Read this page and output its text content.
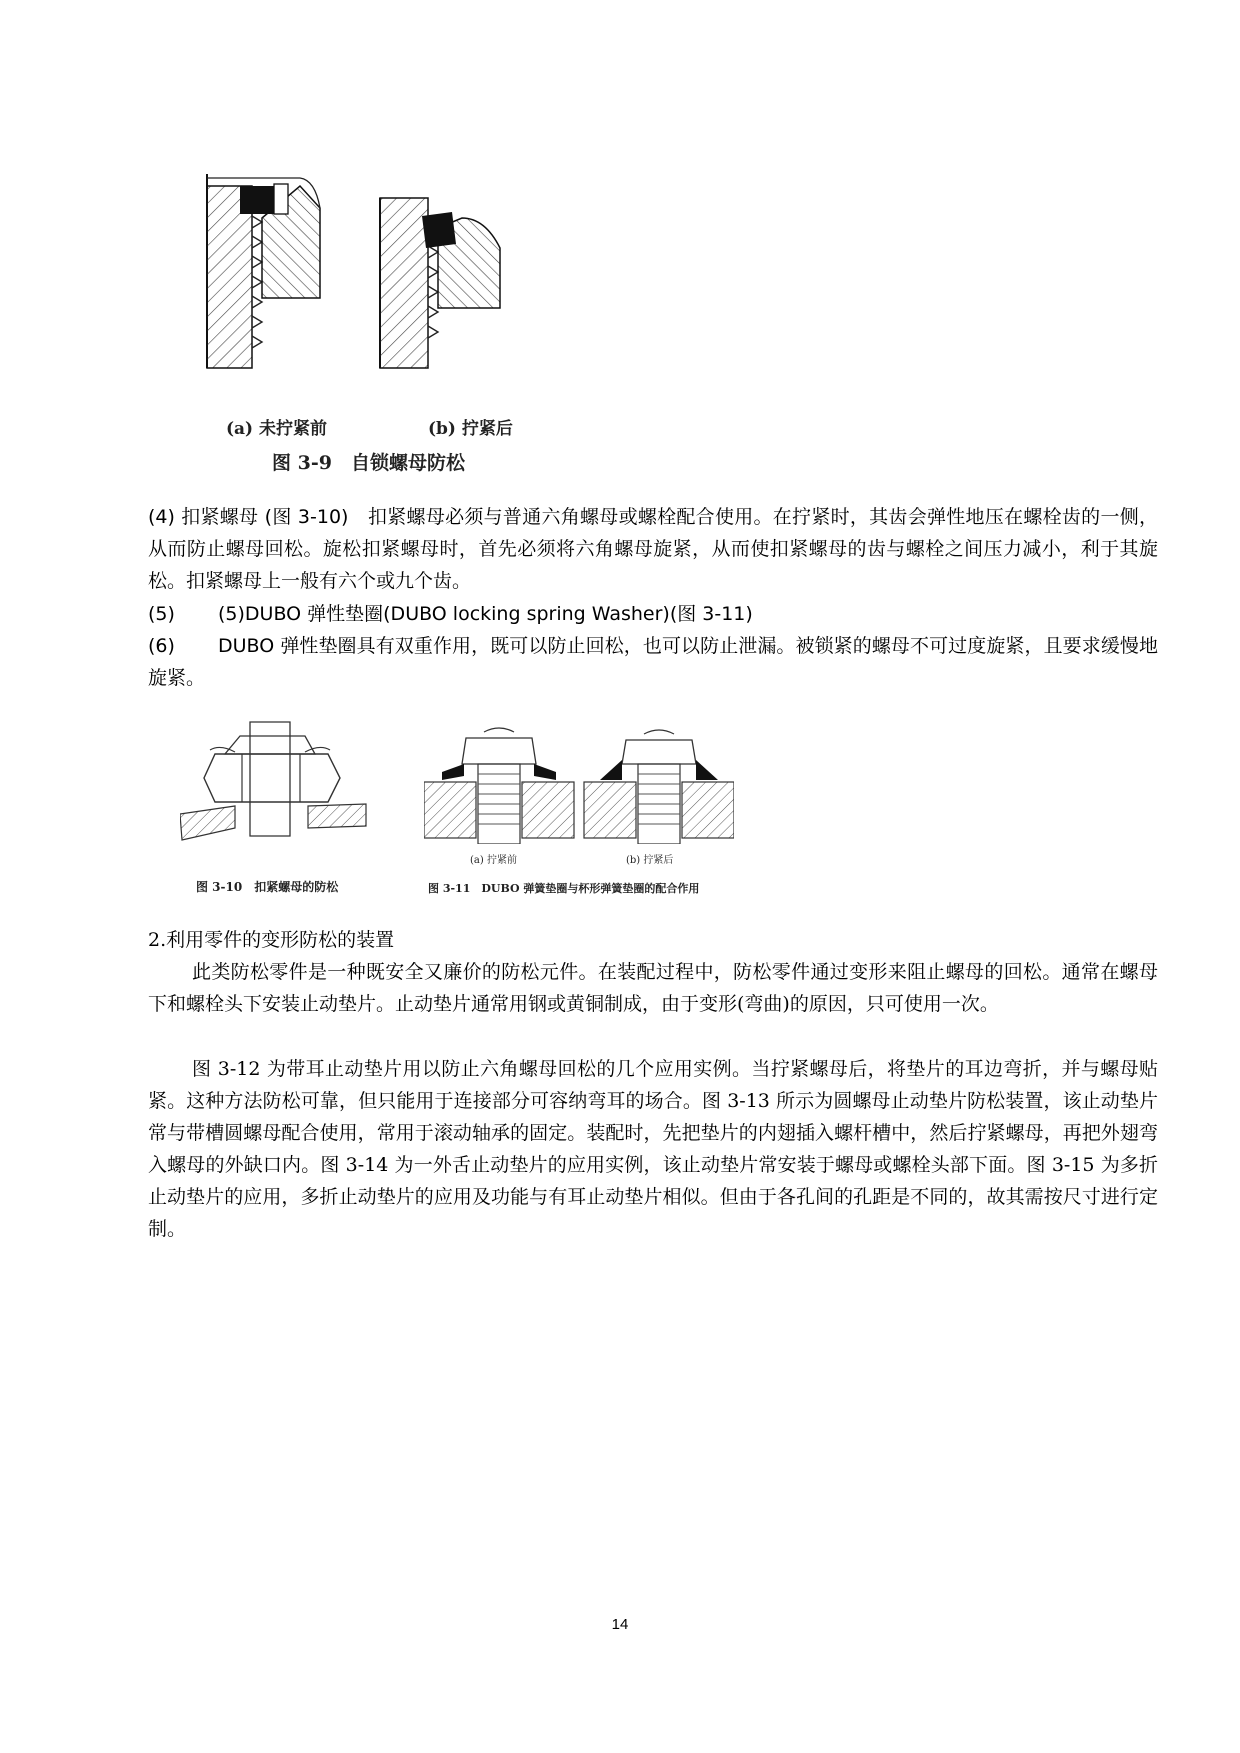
(a) 未拧紧前	(b) 拧紧后
图 3-9　自锁螺母防松
(4) 扣紧螺母 (图 3-10)　扣紧螺母必须与普通六角螺母或螺栓配合使用。在拧紧时，其齿会弹性地压在螺栓齿的一侧，从而防止螺母回松。旋松扣紧螺母时，首先必须将六角螺母旋紧，从而使扣紧螺母的齿与螺栓之间压力减小，利于其旋松。扣紧螺母上一般有六个或九个齿。
(5) (5)DUBO 弹性垫圈(DUBO locking spring Washer)(图 3-11)
(6) DUBO 弹性垫圈具有双重作用，既可以防止回松，也可以防止泄漏。被锁紧的螺母不可过度旋紧，且要求缓慢地旋紧。
图 3-10　扣紧螺母的防松
(a) 拧紧前	(b) 拧紧后
图 3-11　DUBO 弹簧垫圈与杯形弹簧垫圈的配合作用
2.利用零件的变形防松的装置
此类防松零件是一种既安全又廉价的防松元件。在装配过程中，防松零件通过变形来阻止螺母的回松。通常在螺母下和螺栓头下安装止动垫片。止动垫片通常用钢或黄铜制成，由于变形(弯曲)的原因，只可使用一次。
图 3-12 为带耳止动垫片用以防止六角螺母回松的几个应用实例。当拧紧螺母后，将垫片的耳边弯折，并与螺母贴紧。这种方法防松可靠，但只能用于连接部分可容纳弯耳的场合。图 3-13 所示为圆螺母止动垫片防松装置，该止动垫片常与带槽圆螺母配合使用，常用于滚动轴承的固定。装配时，先把垫片的内翅插入螺杆槽中，然后拧紧螺母，再把外翅弯入螺母的外缺口内。图 3-14 为一外舌止动垫片的应用实例，该止动垫片常安装于螺母或螺栓头部下面。图 3-15 为多折止动垫片的应用，多折止动垫片的应用及功能与有耳止动垫片相似。但由于各孔间的孔距是不同的，故其需按尺寸进行定制。
14
